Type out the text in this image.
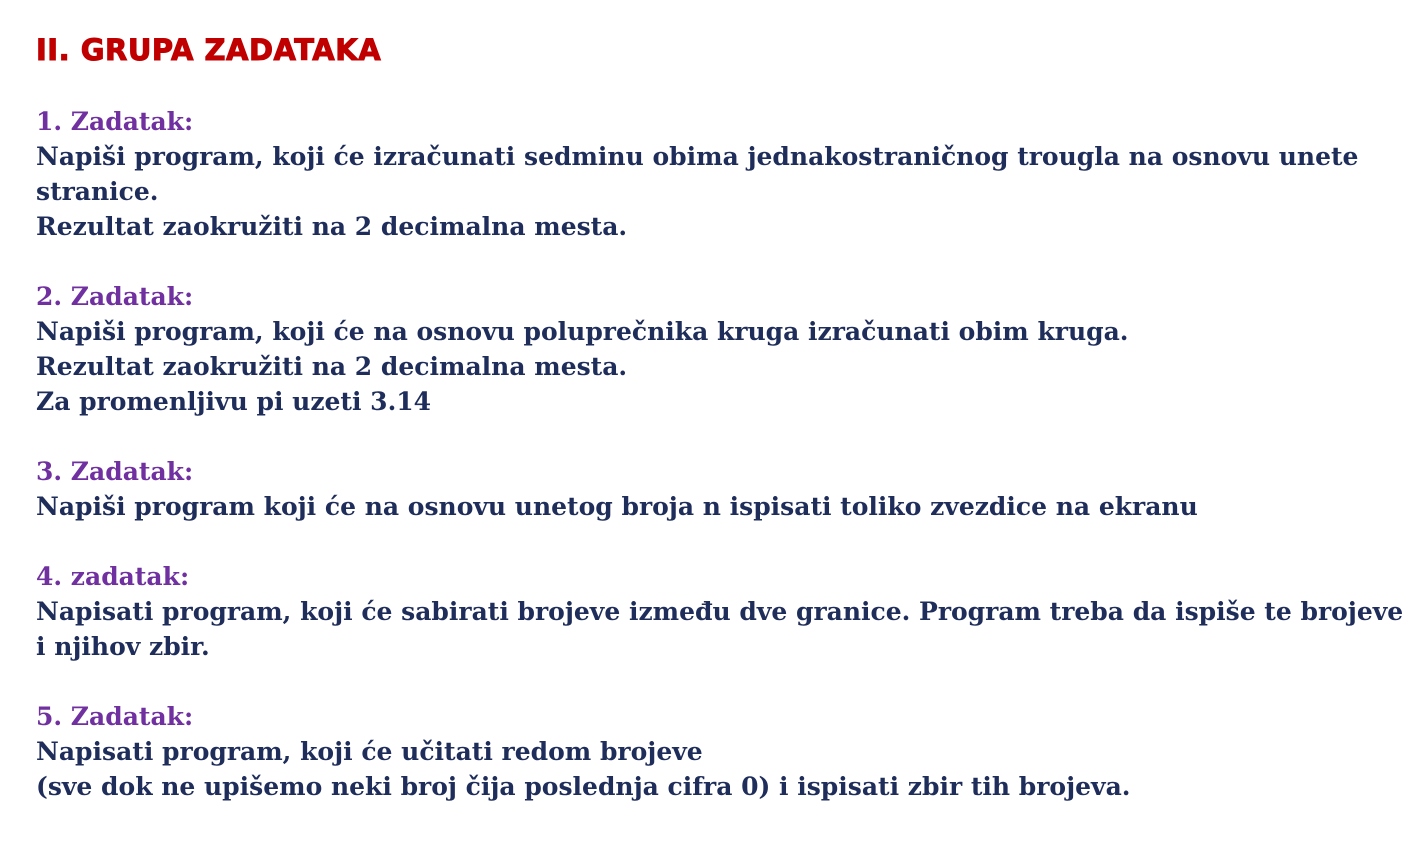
II. GRUPA ZADATAKA
1. Zadatak:
Napiši program, koji će izračunati sedminu obima jednakostraničnog trougla na osnovu unete
stranice.
Rezultat zaokružiti na 2 decimalna mesta.
2. Zadatak:
Napiši program, koji će na osnovu poluprečnika kruga izračunati obim kruga.
Rezultat zaokružiti na 2 decimalna mesta.
Za promenljivu pi uzeti 3.14
3. Zadatak:
Napiši program koji će na osnovu unetog broja n ispisati toliko zvezdice na ekranu
4. zadatak:
Napisati program, koji će sabirati brojeve između dve granice. Program treba da ispiše te brojeve
i njihov zbir.
5. Zadatak:
Napisati program, koji će učitati redom brojeve
(sve dok ne upišemo neki broj čija poslednja cifra 0) i ispisati zbir tih brojeva.
